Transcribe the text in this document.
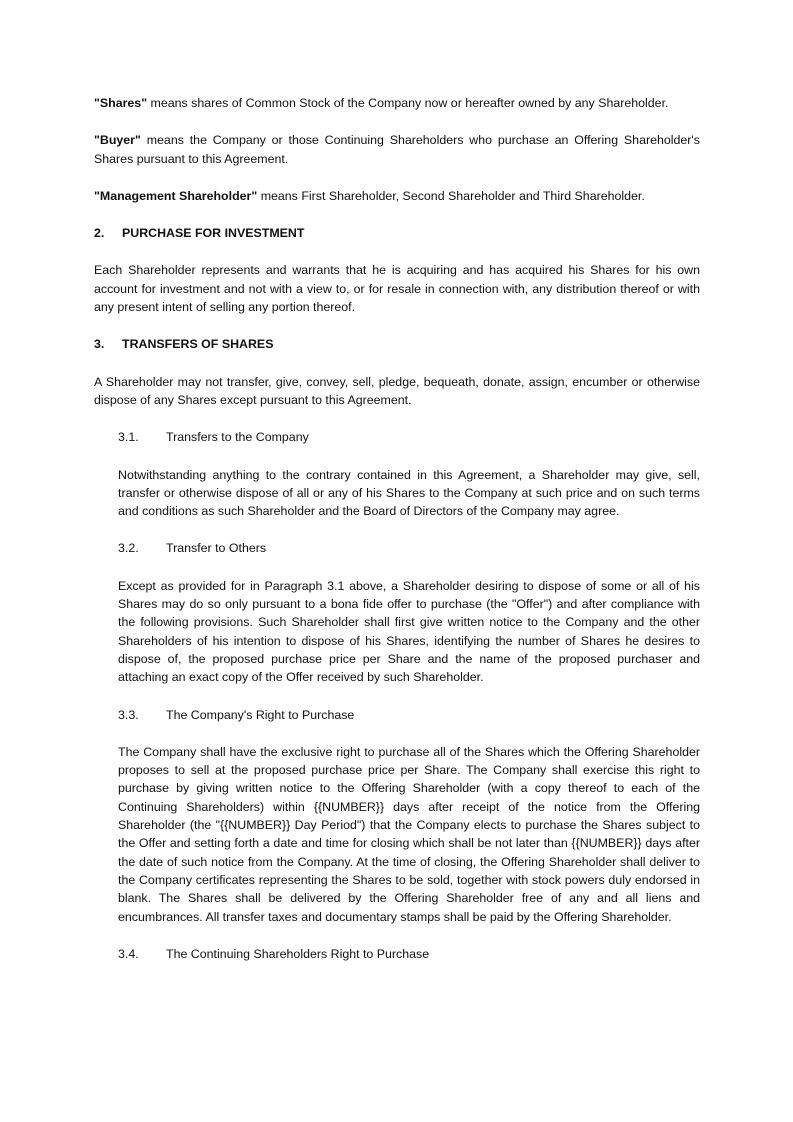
"Shares" means shares of Common Stock of the Company now or hereafter owned by any Shareholder.

"Buyer" means the Company or those Continuing Shareholders who purchase an Offering Shareholder's Shares pursuant to this Agreement.

"Management Shareholder" means First Shareholder, Second Shareholder and Third Shareholder.

2.	PURCHASE FOR INVESTMENT

Each Shareholder represents and warrants that he is acquiring and has acquired his Shares for his own account for investment and not with a view to, or for resale in connection with, any distribution thereof or with any present intent of selling any portion thereof.

3.	TRANSFERS OF SHARES

A Shareholder may not transfer, give, convey, sell, pledge, bequeath, donate, assign, encumber or otherwise dispose of any Shares except pursuant to this Agreement.

3.1.	Transfers to the Company

Notwithstanding anything to the contrary contained in this Agreement, a Shareholder may give, sell, transfer or otherwise dispose of all or any of his Shares to the Company at such price and on such terms and conditions as such Shareholder and the Board of Directors of the Company may agree.

3.2.	Transfer to Others

Except as provided for in Paragraph 3.1 above, a Shareholder desiring to dispose of some or all of his Shares may do so only pursuant to a bona fide offer to purchase (the "Offer") and after compliance with the following provisions. Such Shareholder shall first give written notice to the Company and the other Shareholders of his intention to dispose of his Shares, identifying the number of Shares he desires to dispose of, the proposed purchase price per Share and the name of the proposed purchaser and attaching an exact copy of the Offer received by such Shareholder.

3.3.	The Company's Right to Purchase

The Company shall have the exclusive right to purchase all of the Shares which the Offering Shareholder proposes to sell at the proposed purchase price per Share. The Company shall exercise this right to purchase by giving written notice to the Offering Shareholder (with a copy thereof to each of the Continuing Shareholders) within {{NUMBER}} days after receipt of the notice from the Offering Shareholder (the "{{NUMBER}} Day Period") that the Company elects to purchase the Shares subject to the Offer and setting forth a date and time for closing which shall be not later than {{NUMBER}} days after the date of such notice from the Company. At the time of closing, the Offering Shareholder shall deliver to the Company certificates representing the Shares to be sold, together with stock powers duly endorsed in blank. The Shares shall be delivered by the Offering Shareholder free of any and all liens and encumbrances. All transfer taxes and documentary stamps shall be paid by the Offering Shareholder.

3.4.	The Continuing Shareholders Right to Purchase
